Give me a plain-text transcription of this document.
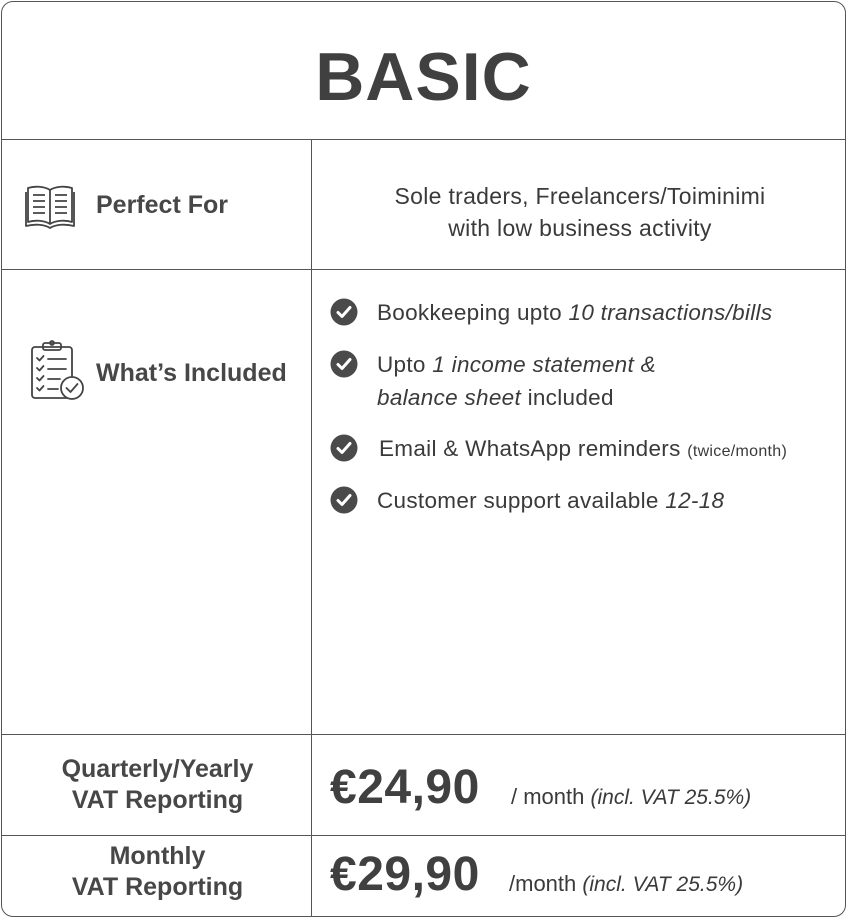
BASIC
Perfect For	Sole traders, Freelancers/Toiminimi
with low business activity
What’s Included
Bookkeeping upto 10 transactions/bills
Upto 1 income statement &
balance sheet included
Email & WhatsApp reminders (twice/month)
Customer support available 12-18
Quarterly/Yearly
VAT Reporting	€24,90 / month (incl. VAT 25.5%)
Monthly
VAT Reporting	€29,90 /month (incl. VAT 25.5%)
